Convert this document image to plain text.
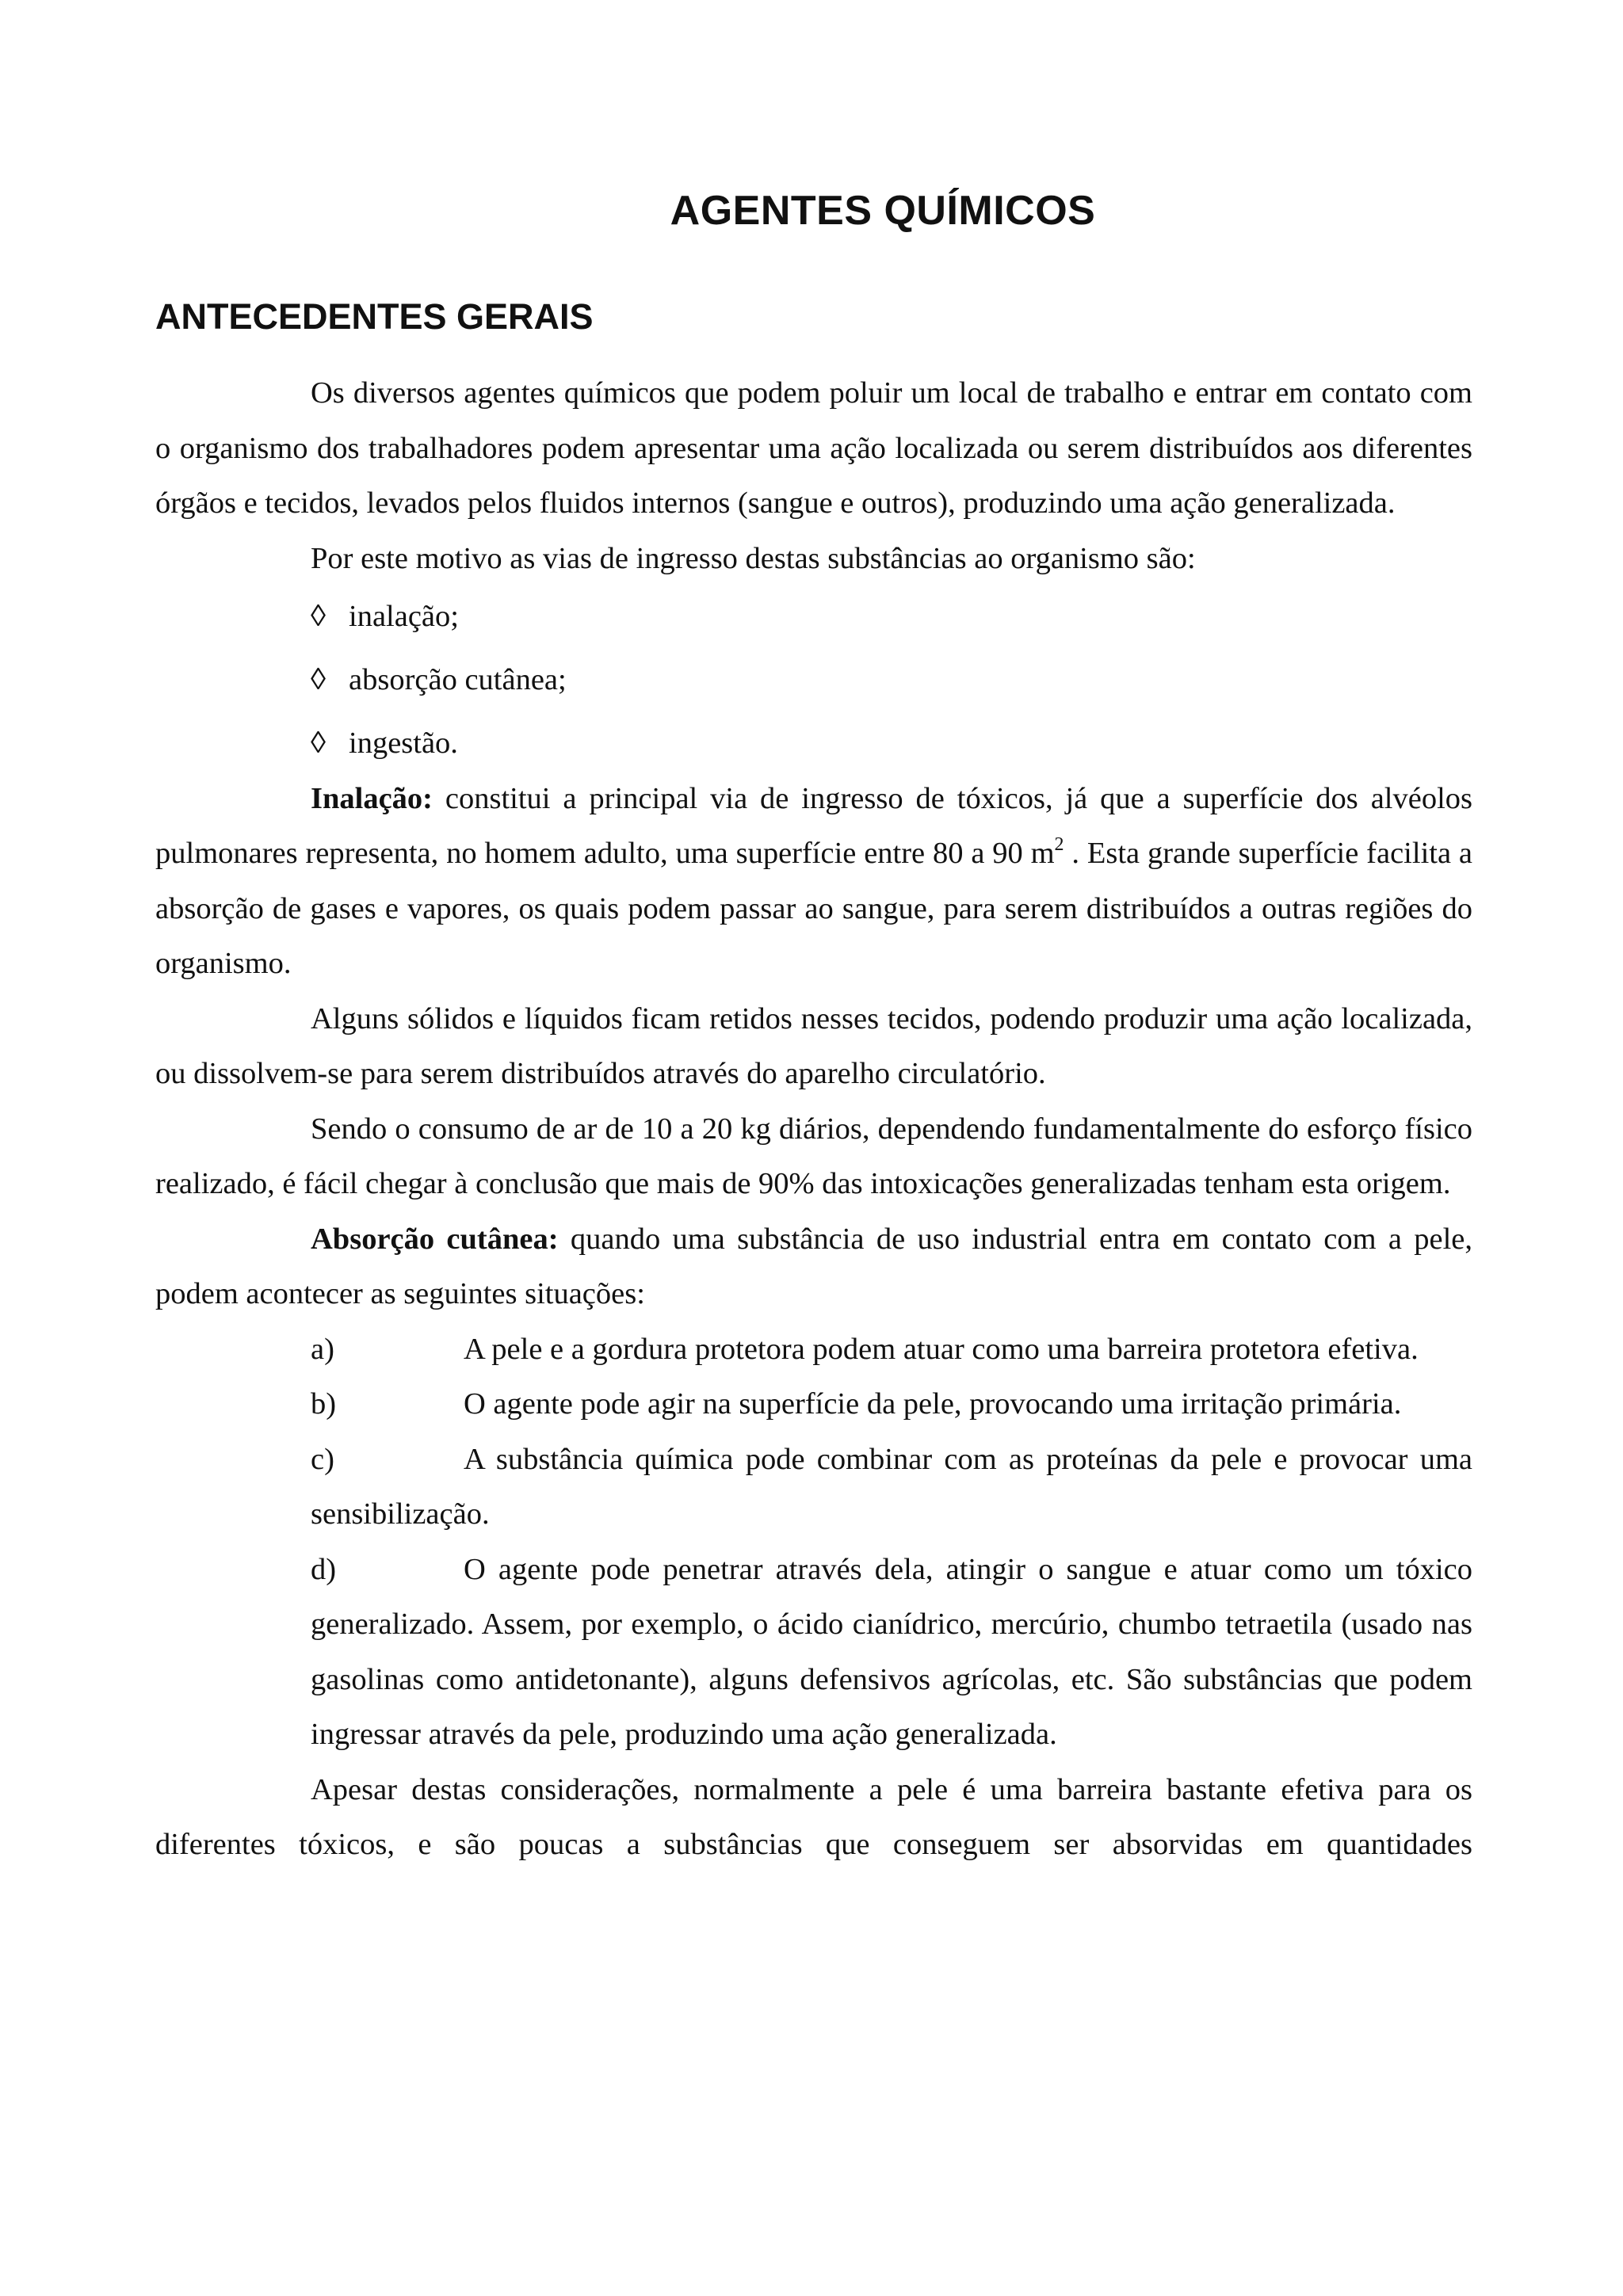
AGENTES QUÍMICOS
ANTECEDENTES GERAIS

Os diversos agentes químicos que podem poluir um local de trabalho e entrar em contato com o organismo dos trabalhadores podem apresentar uma ação localizada ou serem distribuídos aos diferentes órgãos e tecidos, levados pelos fluidos internos (sangue e outros), produzindo uma ação generalizada.

Por este motivo as vias de ingresso destas substâncias ao organismo são:

◊ inalação;
◊ absorção cutânea;
◊ ingestão.

Inalação: constitui a principal via de ingresso de tóxicos, já que a superfície dos alvéolos pulmonares representa, no homem adulto, uma superfície entre 80 a 90 $m^2$ . Esta grande superfície facilita a absorção de gases e vapores, os quais podem passar ao sangue, para serem distribuídos a outras regiões do organismo.

Alguns sólidos e líquidos ficam retidos nesses tecidos, podendo produzir uma ação localizada, ou dissolvem-se para serem distribuídos através do aparelho circulatório.

Sendo o consumo de ar de 10 a 20 kg diários, dependendo fundamentalmente do esforço físico realizado, é fácil chegar à conclusão que mais de 90% das intoxicações generalizadas tenham esta origem.

Absorção cutânea: quando uma substância de uso industrial entra em contato com a pele, podem acontecer as seguintes situações:

a)	A pele e a gordura protetora podem atuar como uma barreira protetora efetiva.
b)	O agente pode agir na superfície da pele, provocando uma irritação primária.
c)	A substância química pode combinar com as proteínas da pele e provocar uma sensibilização.
d)	O agente pode penetrar através dela, atingir o sangue e atuar como um tóxico generalizado. Assem, por exemplo, o ácido cianídrico, mercúrio, chumbo tetraetila (usado nas gasolinas como antidetonante), alguns defensivos agrícolas, etc. São substâncias que podem ingressar através da pele, produzindo uma ação generalizada.

Apesar destas considerações, normalmente a pele é uma barreira bastante efetiva para os diferentes tóxicos, e são poucas a substâncias que conseguem ser absorvidas em quantidades
